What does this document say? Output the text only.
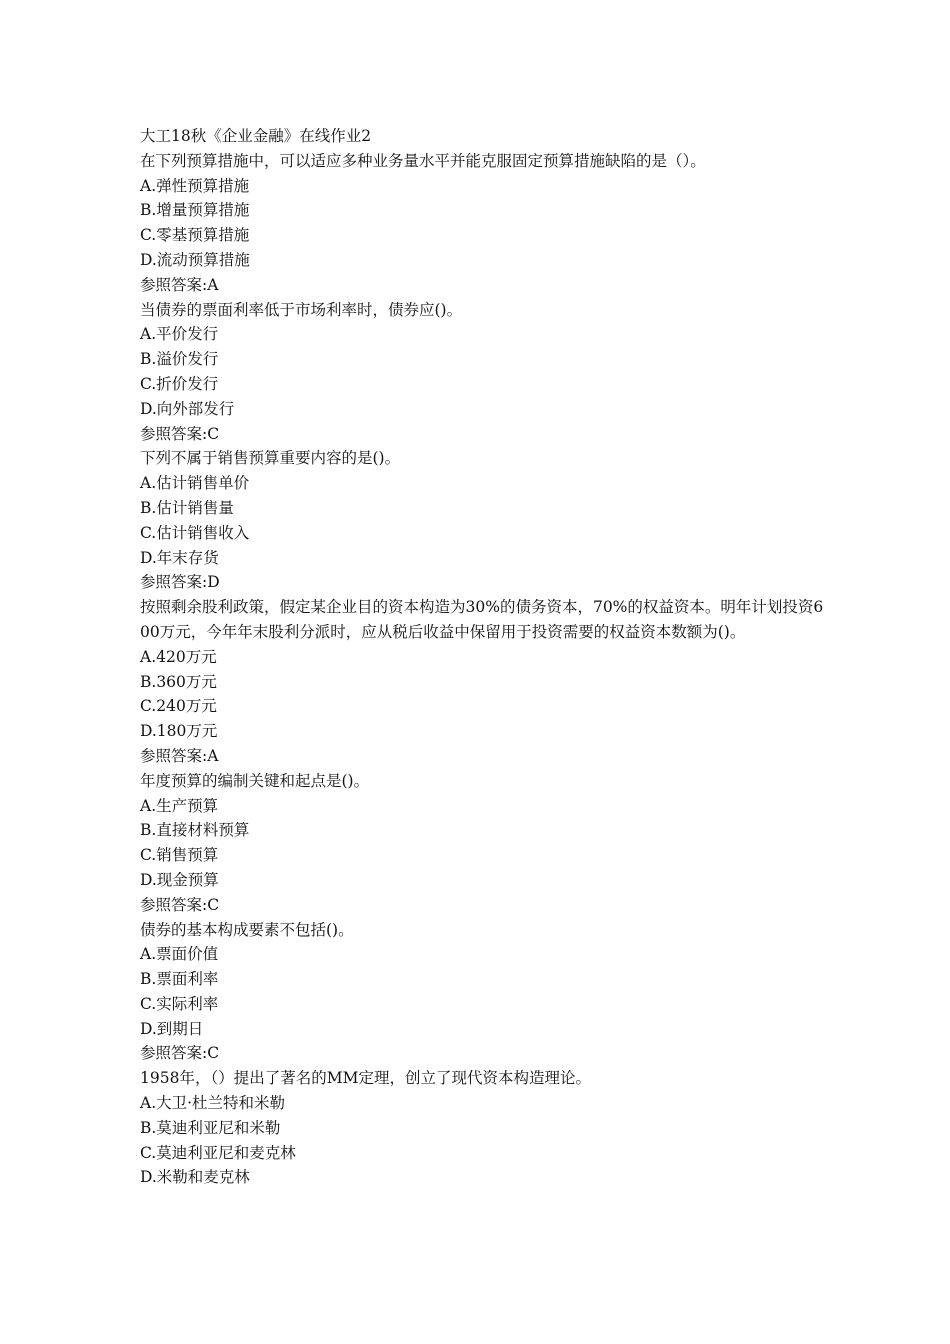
大工18秋《企业金融》在线作业2
在下列预算措施中，可以适应多种业务量水平并能克服固定预算措施缺陷的是（）。
A.弹性预算措施
B.增量预算措施
C.零基预算措施
D.流动预算措施
参照答案:A
当债券的票面利率低于市场利率时，债券应()。
A.平价发行
B.溢价发行
C.折价发行
D.向外部发行
参照答案:C
下列不属于销售预算重要内容的是()。
A.估计销售单价
B.估计销售量
C.估计销售收入
D.年末存货
参照答案:D
按照剩余股利政策，假定某企业目的资本构造为30%的债务资本，70%的权益资本。明年计划投资600万元，今年年末股利分派时，应从税后收益中保留用于投资需要的权益资本数额为()。
A.420万元
B.360万元
C.240万元
D.180万元
参照答案:A
年度预算的编制关键和起点是()。
A.生产预算
B.直接材料预算
C.销售预算
D.现金预算
参照答案:C
债券的基本构成要素不包括()。
A.票面价值
B.票面利率
C.实际利率
D.到期日
参照答案:C
1958年，（）提出了著名的MM定理，创立了现代资本构造理论。
A.大卫·杜兰特和米勒
B.莫迪利亚尼和米勒
C.莫迪利亚尼和麦克林
D.米勒和麦克林
